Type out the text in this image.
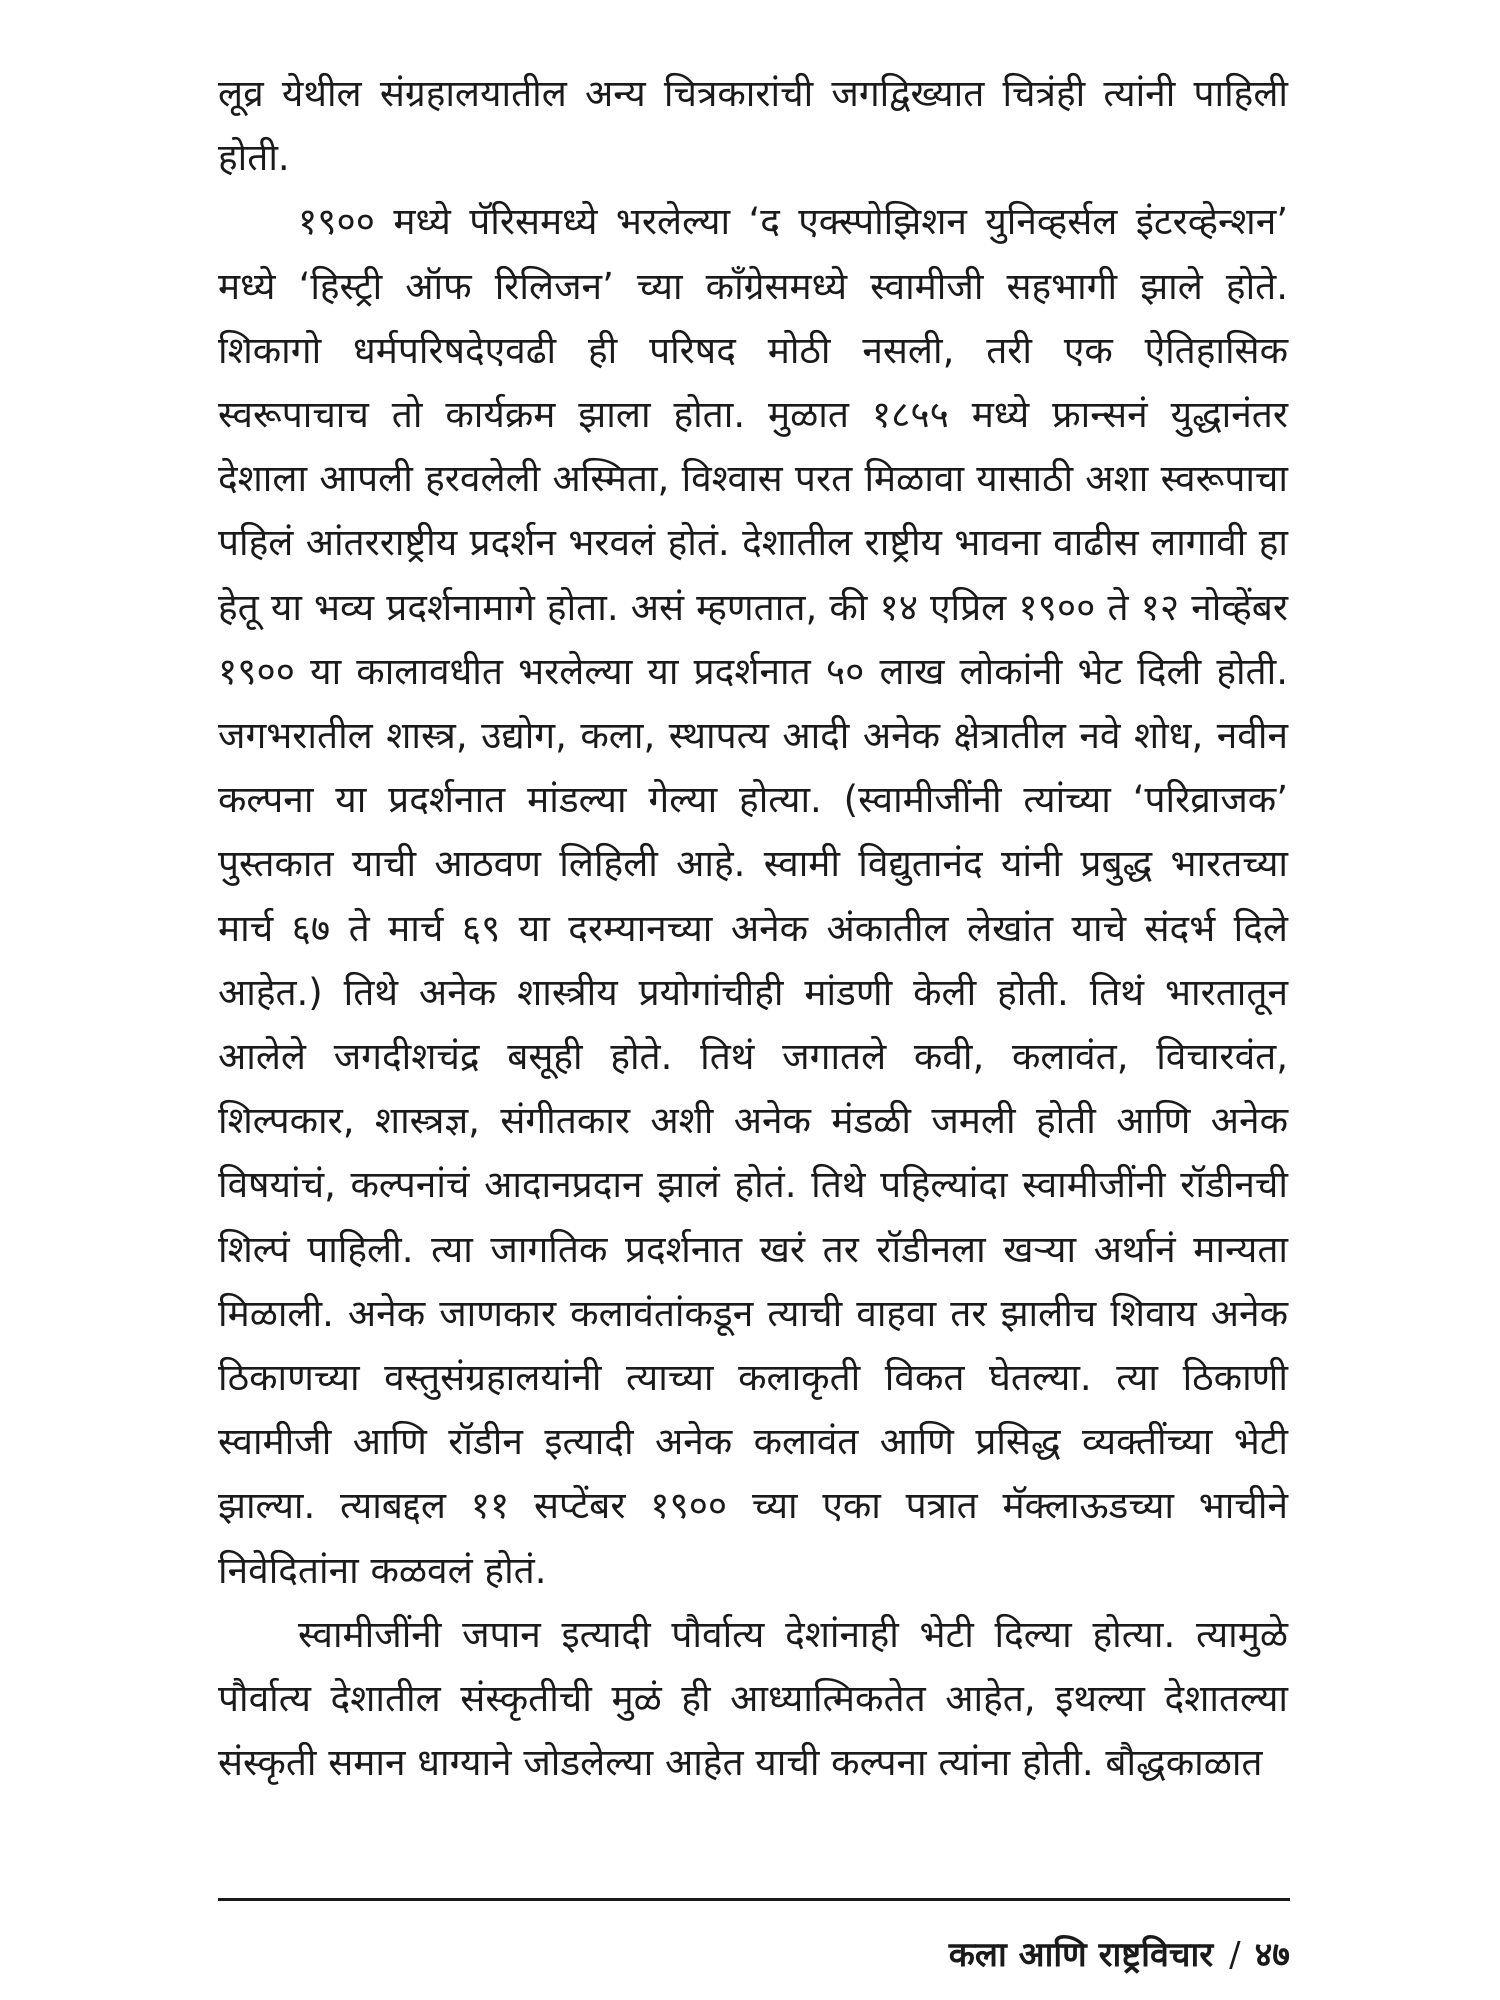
लूव्र येथील संग्रहालयातील अन्य चित्रकारांची जगद्विख्यात चित्रंही त्यांनी पाहिली होती.

१९०० मध्ये पॅरिसमध्ये भरलेल्या ‘द एक्स्पोझिशन युनिव्हर्सल इंटरव्हेन्शन’ मध्ये ‘हिस्ट्री ऑफ रिलिजन’ च्या काँग्रेसमध्ये स्वामीजी सहभागी झाले होते. शिकागो धर्मपरिषदेएवढी ही परिषद मोठी नसली, तरी एक ऐतिहासिक स्वरूपाचाच तो कार्यक्रम झाला होता. मुळात १८५५ मध्ये फ्रान्सनं युद्धानंतर देशाला आपली हरवलेली अस्मिता, विश्वास परत मिळावा यासाठी अशा स्वरूपाचा पहिलं आंतरराष्ट्रीय प्रदर्शन भरवलं होतं. देशातील राष्ट्रीय भावना वाढीस लागावी हा हेतू या भव्य प्रदर्शनामागे होता. असं म्हणतात, की १४ एप्रिल १९०० ते १२ नोव्हेंबर १९०० या कालावधीत भरलेल्या या प्रदर्शनात ५० लाख लोकांनी भेट दिली होती. जगभरातील शास्त्र, उद्योग, कला, स्थापत्य आदी अनेक क्षेत्रातील नवे शोध, नवीन कल्पना या प्रदर्शनात मांडल्या गेल्या होत्या. (स्वामीजींनी त्यांच्या ‘परिव्राजक’ पुस्तकात याची आठवण लिहिली आहे. स्वामी विद्युतानंद यांनी प्रबुद्ध भारतच्या मार्च ६७ ते मार्च ६९ या दरम्यानच्या अनेक अंकातील लेखांत याचे संदर्भ दिले आहेत.) तिथे अनेक शास्त्रीय प्रयोगांचीही मांडणी केली होती. तिथं भारतातून आलेले जगदीशचंद्र बसूही होते. तिथं जगातले कवी, कलावंत, विचारवंत, शिल्पकार, शास्त्रज्ञ, संगीतकार अशी अनेक मंडळी जमली होती आणि अनेक विषयांचं, कल्पनांचं आदानप्रदान झालं होतं. तिथे पहिल्यांदा स्वामीजींनी रॉडीनची शिल्पं पाहिली. त्या जागतिक प्रदर्शनात खरं तर रॉडीनला खऱ्या अर्थानं मान्यता मिळाली. अनेक जाणकार कलावंतांकडून त्याची वाहवा तर झालीच शिवाय अनेक ठिकाणच्या वस्तुसंग्रहालयांनी त्याच्या कलाकृती विकत घेतल्या. त्या ठिकाणी स्वामीजी आणि रॉडीन इत्यादी अनेक कलावंत आणि प्रसिद्ध व्यक्तींच्या भेटी झाल्या. त्याबद्दल ११ सप्टेंबर १९०० च्या एका पत्रात मॅक्लाऊडच्या भाचीने निवेदितांना कळवलं होतं.

स्वामीजींनी जपान इत्यादी पौर्वात्य देशांनाही भेटी दिल्या होत्या. त्यामुळे पौर्वात्य देशातील संस्कृतीची मुळं ही आध्यात्मिकतेत आहेत, इथल्या देशातल्या संस्कृती समान धाग्याने जोडलेल्या आहेत याची कल्पना त्यांना होती. बौद्धकाळात

कला आणि राष्ट्रविचार / ४७
